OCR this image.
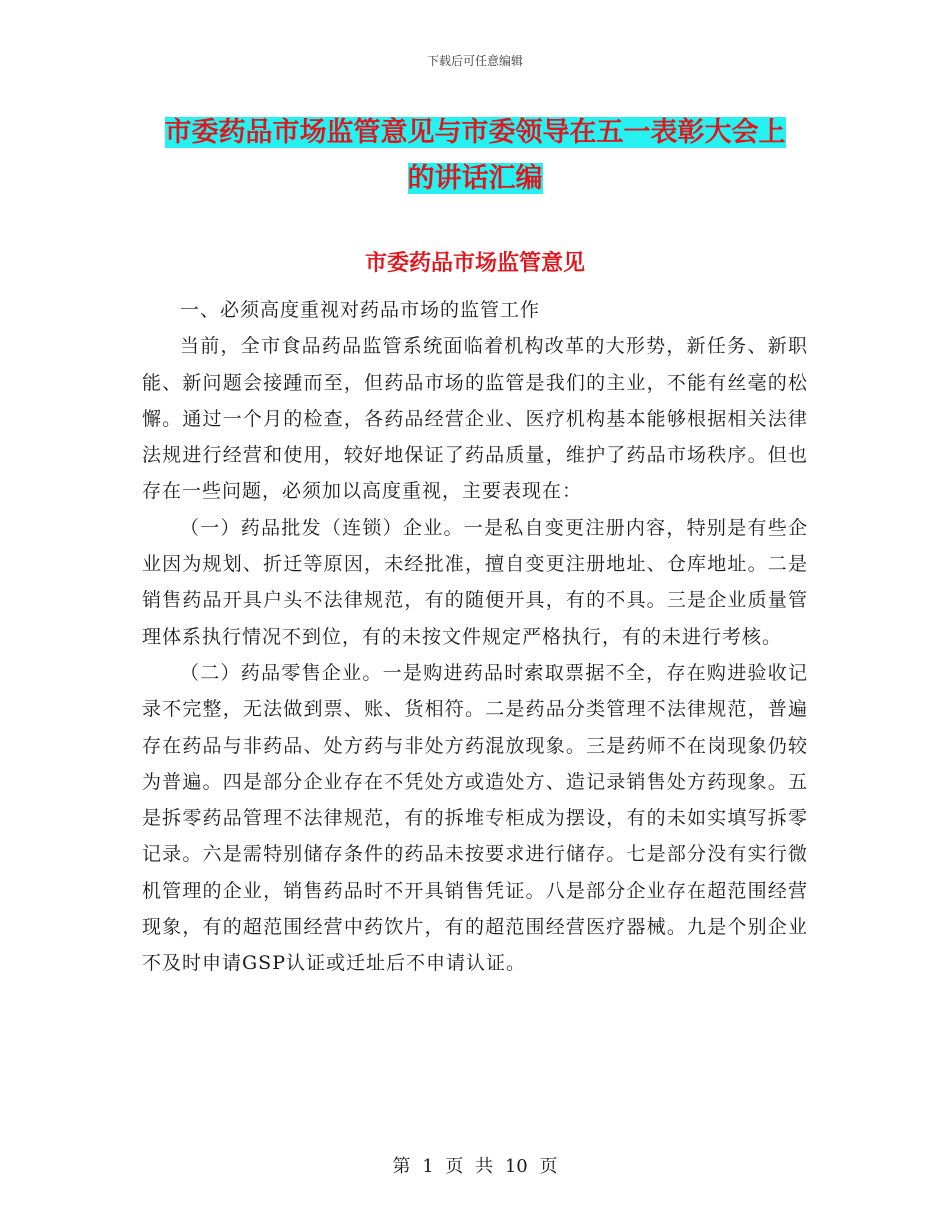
下载后可任意编辑
市委药品市场监管意见与市委领导在五一表彰大会上
的讲话汇编
市委药品市场监管意见

一、必须高度重视对药品市场的监管工作

当前，全市食品药品监管系统面临着机构改革的大形势，新任务、新职能、新问题会接踵而至，但药品市场的监管是我们的主业，不能有丝毫的松懈。通过一个月的检查，各药品经营企业、医疗机构基本能够根据相关法律法规进行经营和使用，较好地保证了药品质量，维护了药品市场秩序。但也存在一些问题，必须加以高度重视，主要表现在：

（一）药品批发（连锁）企业。一是私自变更注册内容，特别是有些企业因为规划、折迁等原因，未经批准，擅自变更注册地址、仓库地址。二是销售药品开具户头不法律规范，有的随便开具，有的不具。三是企业质量管理体系执行情况不到位，有的未按文件规定严格执行，有的未进行考核。

（二）药品零售企业。一是购进药品时索取票据不全，存在购进验收记录不完整，无法做到票、账、货相符。二是药品分类管理不法律规范，普遍存在药品与非药品、处方药与非处方药混放现象。三是药师不在岗现象仍较为普遍。四是部分企业存在不凭处方或造处方、造记录销售处方药现象。五是拆零药品管理不法律规范，有的拆堆专柜成为摆设，有的未如实填写拆零记录。六是需特别储存条件的药品未按要求进行储存。七是部分没有实行微机管理的企业，销售药品时不开具销售凭证。八是部分企业存在超范围经营现象，有的超范围经营中药饮片，有的超范围经营医疗器械。九是个别企业不及时申请GSP认证或迁址后不申请认证。

第 1 页 共 10 页
